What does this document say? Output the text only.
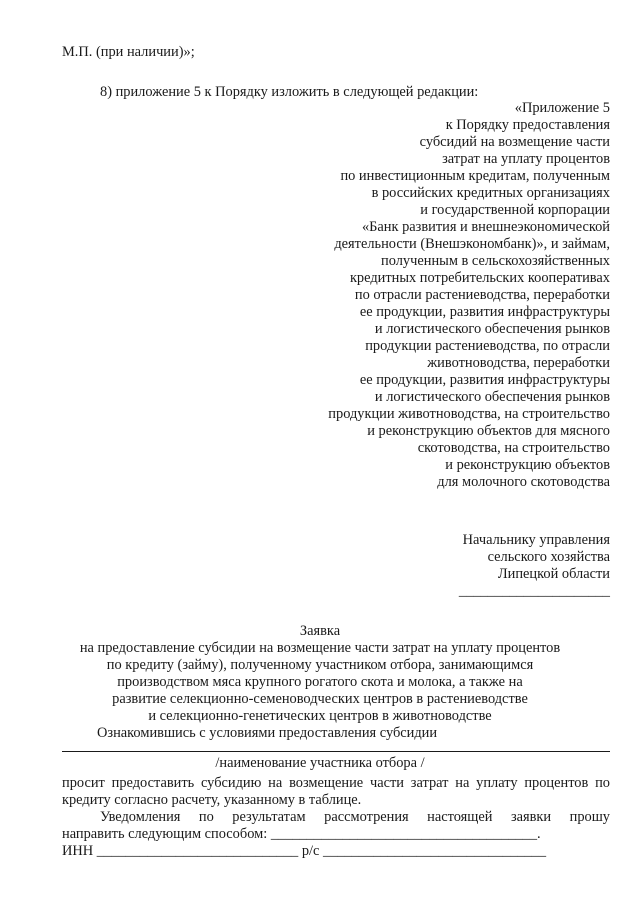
М.П. (при наличии)»;
8) приложение 5 к Порядку изложить в следующей редакции:
«Приложение 5
к Порядку предоставления
субсидий на возмещение части
затрат на уплату процентов
по инвестиционным кредитам, полученным
в российских кредитных организациях
и государственной корпорации
«Банк развития и внешнеэкономической
деятельности (Внешэкономбанк)», и займам,
полученным в сельскохозяйственных
кредитных потребительских кооперативах
по отрасли растениеводства, переработки
ее продукции, развития инфраструктуры
и логистического обеспечения рынков
продукции растениеводства, по отрасли
животноводства, переработки
ее продукции, развития инфраструктуры
и логистического обеспечения рынков
продукции животноводства, на строительство
и реконструкцию объектов для мясного
скотоводства, на строительство
и реконструкцию объектов
для молочного скотоводства
Начальнику управления
сельского хозяйства
Липецкой области
_____________________
Заявка
на предоставление субсидии на возмещение части затрат на уплату процентов
по кредиту (займу), полученному участником отбора, занимающимся
производством мяса крупного рогатого скота и молока, а также на
развитие селекционно-семеноводческих центров в растениеводстве
и селекционно-генетических центров в животноводстве
Ознакомившись с условиями предоставления субсидии
/наименование участника отбора /
просит предоставить субсидию на возмещение части затрат на уплату процентов по
кредиту согласно расчету, указанному в таблице.
Уведомления по результатам рассмотрения настоящей заявки прошу
направить следующим способом: _____________________________________.
ИНН ____________________________ р/с _______________________________
